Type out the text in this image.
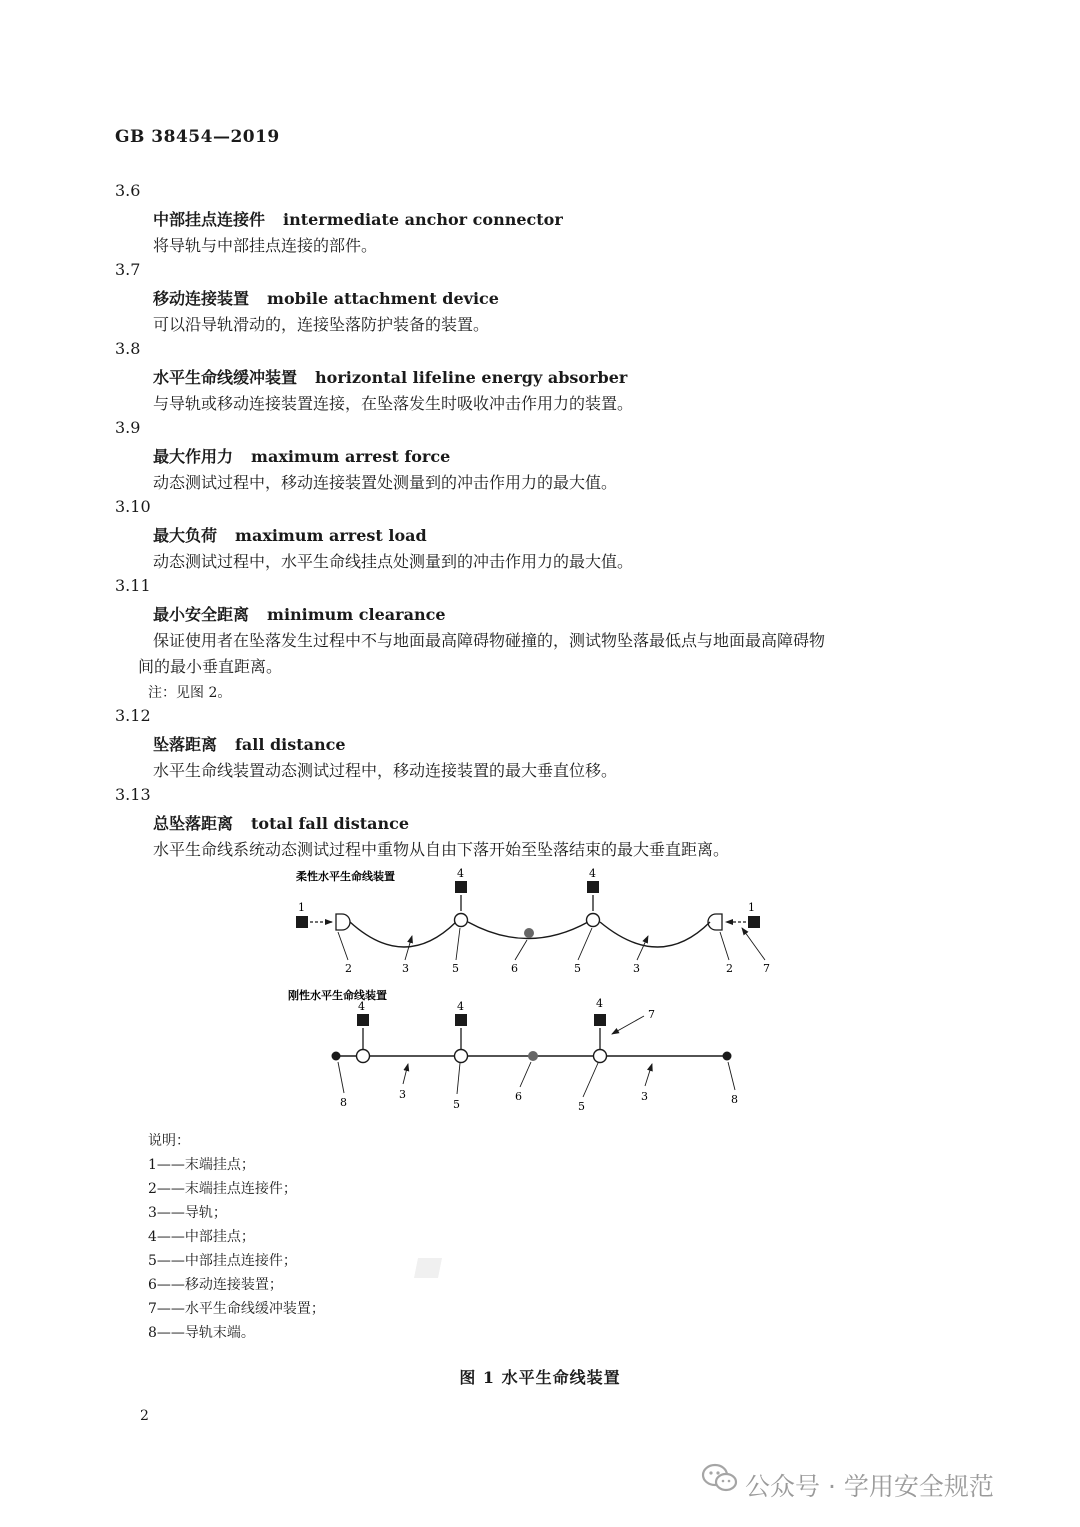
GB 38454—2019
3.6
中部挂点连接件 intermediate anchor connector
将导轨与中部挂点连接的部件。
3.7
移动连接装置 mobile attachment device
可以沿导轨滑动的，连接坠落防护装备的装置。
3.8
水平生命线缓冲装置 horizontal lifeline energy absorber
与导轨或移动连接装置连接，在坠落发生时吸收冲击作用力的装置。
3.9
最大作用力 maximum arrest force
动态测试过程中，移动连接装置处测量到的冲击作用力的最大值。
3.10
最大负荷 maximum arrest load
动态测试过程中，水平生命线挂点处测量到的冲击作用力的最大值。
3.11
最小安全距离 minimum clearance
保证使用者在坠落发生过程中不与地面最高障碍物碰撞的，测试物坠落最低点与地面最高障碍物
间的最小垂直距离。
注：见图 2。
3.12
坠落距离 fall distance
水平生命线装置动态测试过程中，移动连接装置的最大垂直位移。
3.13
总坠落距离 total fall distance
水平生命线系统动态测试过程中重物从自由下落开始至坠落结束的最大垂直距离。
柔性水平生命线装置
1	1
4	4
2	3	5	6	5	3	2	7
刚性水平生命线装置
4	4	4
7
8
3
5
6
5
3	8
说明：
1——末端挂点；
2——末端挂点连接件；
3——导轨；
4——中部挂点；
5——中部挂点连接件；
6——移动连接装置；
7——水平生命线缓冲装置；
8——导轨末端。
图 1 水平生命线装置
2
公众号 · 学用安全规范
